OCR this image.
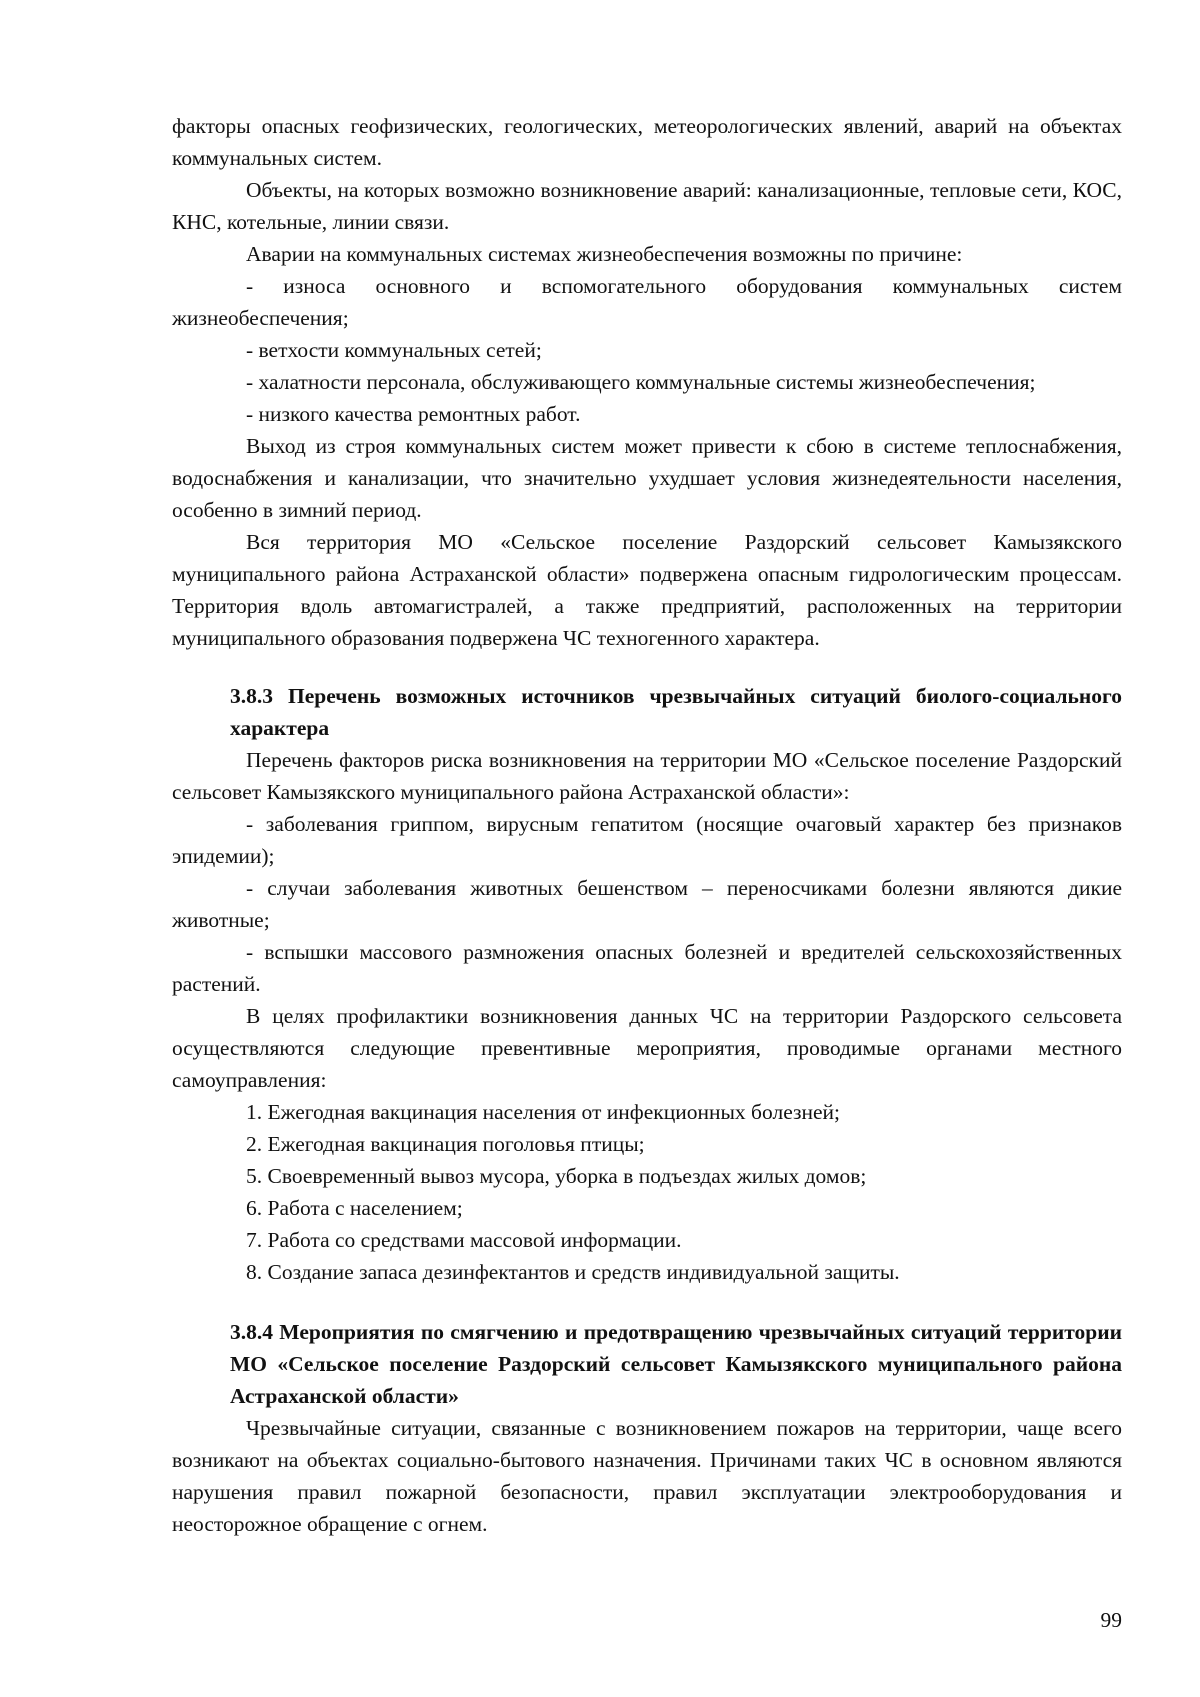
факторы опасных геофизических, геологических, метеорологических явлений, аварий на объектах коммунальных систем.

Объекты, на которых возможно возникновение аварий: канализационные, тепловые сети, КОС, КНС, котельные, линии связи.

Аварии на коммунальных системах жизнеобеспечения возможны по причине:

- износа основного и вспомогательного оборудования коммунальных систем жизнеобеспечения;

- ветхости коммунальных сетей;

- халатности персонала, обслуживающего коммунальные системы жизнеобеспечения;

- низкого качества ремонтных работ.

Выход из строя коммунальных систем может привести к сбою в системе теплоснабжения, водоснабжения и канализации, что значительно ухудшает условия жизнедеятельности населения, особенно в зимний период.

Вся территория МО «Сельское поселение Раздорский сельсовет Камызякского муниципального района Астраханской области» подвержена опасным гидрологическим процессам. Территория вдоль автомагистралей, а также предприятий, расположенных на территории муниципального образования подвержена ЧС техногенного характера.

3.8.3 Перечень возможных источников чрезвычайных ситуаций биолого-социального характера

Перечень факторов риска возникновения на территории МО «Сельское поселение Раздорский сельсовет Камызякского муниципального района Астраханской области»:

- заболевания гриппом, вирусным гепатитом (носящие очаговый характер без признаков эпидемии);

- случаи заболевания животных бешенством – переносчиками болезни являются дикие животные;

- вспышки массового размножения опасных болезней и вредителей сельскохозяйственных растений.

В целях профилактики возникновения данных ЧС на территории Раздорского сельсовета осуществляются следующие превентивные мероприятия, проводимые органами местного самоуправления:

1. Ежегодная вакцинация населения от инфекционных болезней;

2. Ежегодная вакцинация поголовья птицы;

5. Своевременный вывоз мусора, уборка в подъездах жилых домов;

6. Работа с населением;

7. Работа со средствами массовой информации.

8. Создание запаса дезинфектантов и средств индивидуальной защиты.

3.8.4 Мероприятия по смягчению и предотвращению чрезвычайных ситуаций территории МО «Сельское поселение Раздорский сельсовет Камызякского муниципального района Астраханской области»

Чрезвычайные ситуации, связанные с возникновением пожаров на территории, чаще всего возникают на объектах социально-бытового назначения. Причинами таких ЧС в основном являются нарушения правил пожарной безопасности, правил эксплуатации электрооборудования и неосторожное обращение с огнем.

99
